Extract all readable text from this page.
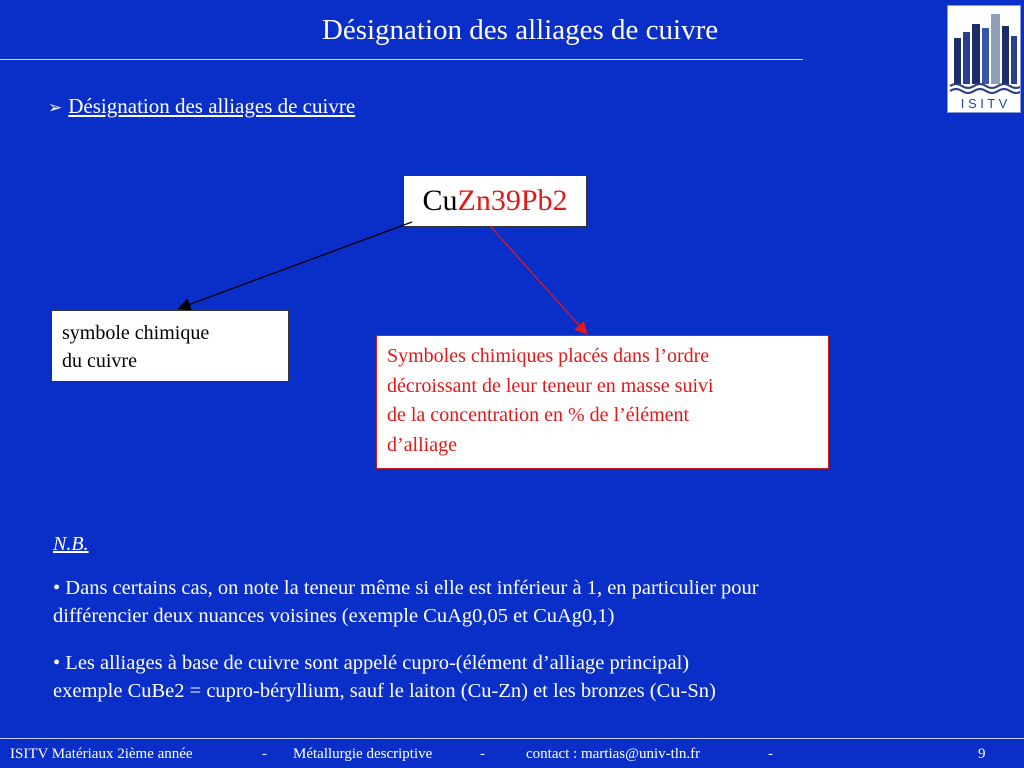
Désignation des alliages de cuivre
I S I T V
➢ Désignation des alliages de cuivre
CuZn39Pb2
symbole chimique
du cuivre	Symboles chimiques placés dans l’ordre
décroissant de leur teneur en masse suivi
de la concentration en % de l’élément
d’alliage
N.B.
• Dans certains cas, on note la teneur même si elle est inférieur à 1, en particulier pour
différencier deux nuances voisines (exemple CuAg0,05 et CuAg0,1)
• Les alliages à base de cuivre sont appelé cupro-(élément d’alliage principal)
exemple CuBe2 = cupro-béryllium, sauf le laiton (Cu-Zn) et les bronzes (Cu-Sn)
ISITV Matériaux 2ième année	- Métallurgie descriptive	-	contact : martias@univ-tln.fr	-	9
